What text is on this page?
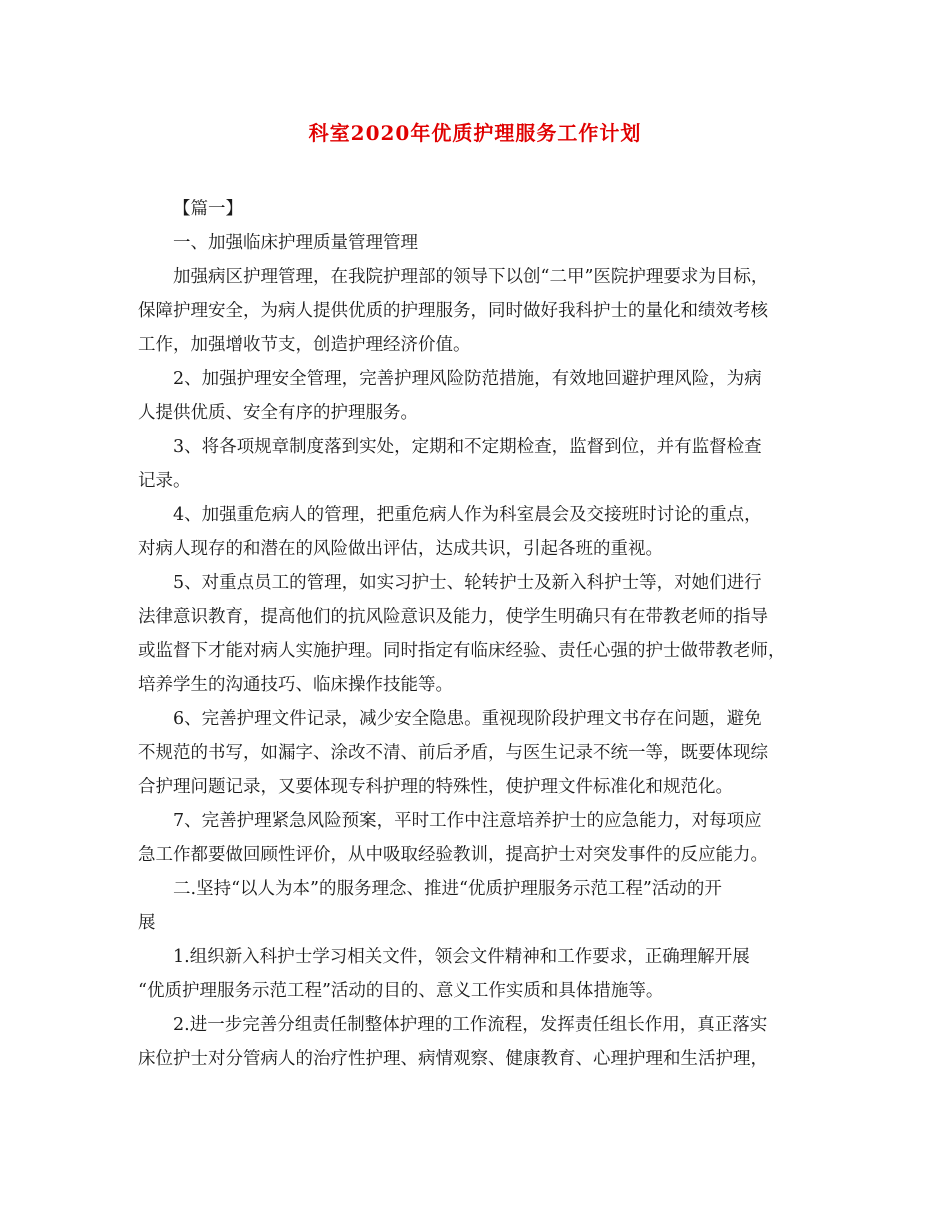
科室2020年优质护理服务工作计划
【篇一】
一、加强临床护理质量管理管理
加强病区护理管理，在我院护理部的领导下以创“二甲”医院护理要求为目标，
保障护理安全，为病人提供优质的护理服务，同时做好我科护士的量化和绩效考核
工作，加强增收节支，创造护理经济价值。
2、加强护理安全管理，完善护理风险防范措施，有效地回避护理风险，为病
人提供优质、安全有序的护理服务。
3、将各项规章制度落到实处，定期和不定期检查，监督到位，并有监督检查
记录。
4、加强重危病人的管理，把重危病人作为科室晨会及交接班时讨论的重点，
对病人现存的和潜在的风险做出评估，达成共识，引起各班的重视。
5、对重点员工的管理，如实习护士、轮转护士及新入科护士等，对她们进行
法律意识教育，提高他们的抗风险意识及能力，使学生明确只有在带教老师的指导
或监督下才能对病人实施护理。同时指定有临床经验、责任心强的护士做带教老师，
培养学生的沟通技巧、临床操作技能等。
6、完善护理文件记录，减少安全隐患。重视现阶段护理文书存在问题，避免
不规范的书写，如漏字、涂改不清、前后矛盾，与医生记录不统一等，既要体现综
合护理问题记录，又要体现专科护理的特殊性，使护理文件标准化和规范化。
7、完善护理紧急风险预案，平时工作中注意培养护士的应急能力，对每项应
急工作都要做回顾性评价，从中吸取经验教训，提高护士对突发事件的反应能力。
二.坚持“以人为本”的服务理念、推进“优质护理服务示范工程”活动的开
展
1.组织新入科护士学习相关文件，领会文件精神和工作要求，正确理解开展
“优质护理服务示范工程”活动的目的、意义工作实质和具体措施等。
2.进一步完善分组责任制整体护理的工作流程，发挥责任组长作用，真正落实
床位护士对分管病人的治疗性护理、病情观察、健康教育、心理护理和生活护理，
